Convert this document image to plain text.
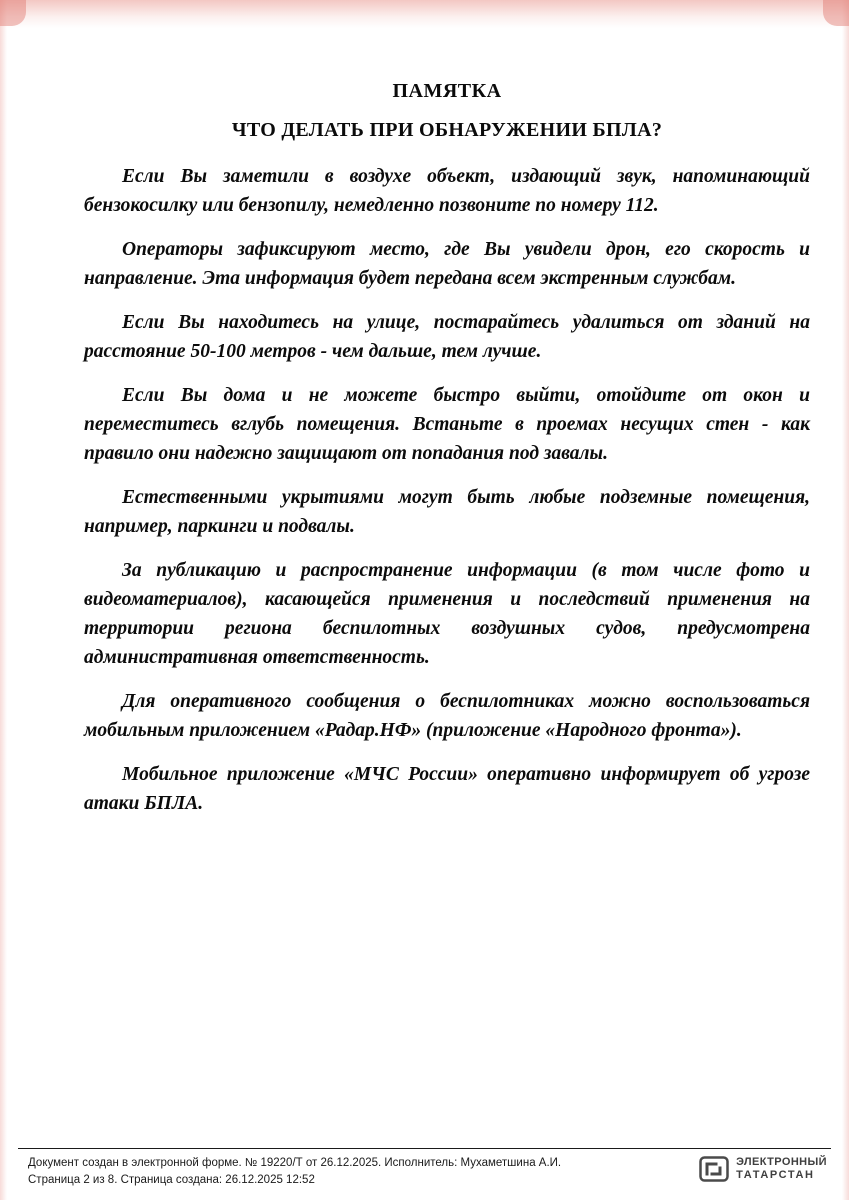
ПАМЯТКА
ЧТО ДЕЛАТЬ ПРИ ОБНАРУЖЕНИИ БПЛА?

Если Вы заметили в воздухе объект, издающий звук, напоминающий бензокосилку или бензопилу, немедленно позвоните по номеру 112.

Операторы зафиксируют место, где Вы увидели дрон, его скорость и направление. Эта информация будет передана всем экстренным службам.

Если Вы находитесь на улице, постарайтесь удалиться от зданий на расстояние 50-100 метров - чем дальше, тем лучше.

Если Вы дома и не можете быстро выйти, отойдите от окон и переместитесь вглубь помещения. Встаньте в проемах несущих стен - как правило они надежно защищают от попадания под завалы.

Естественными укрытиями могут быть любые подземные помещения, например, паркинги и подвалы.

За публикацию и распространение информации (в том числе фото и видеоматериалов), касающейся применения и последствий применения на территории региона беспилотных воздушных судов, предусмотрена административная ответственность.

Для оперативного сообщения о беспилотниках можно воспользоваться мобильным приложением «Радар.НФ» (приложение «Народного фронта»).

Мобильное приложение «МЧС России» оперативно информирует об угрозе атаки БПЛА.

Документ создан в электронной форме. № 19220/Т от 26.12.2025. Исполнитель: Мухаметшина А.И.
Страница 2 из 8. Страница создана: 26.12.2025 12:52
ЭЛЕКТРОННЫЙ
ТАТАРСТАН
